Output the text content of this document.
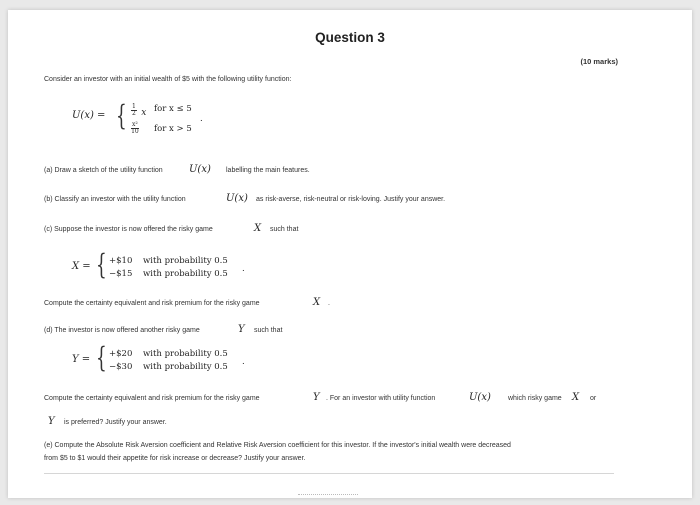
Question 3
(10 marks)
Consider an investor with an initial wealth of $5 with the following utility function:
U(x) = { $\frac{1}{2}$ x for x ≤ 5
$\frac{\text{x²}}{10}$ for x > 5
.
(a) Draw a sketch of the utility function	U(x) labelling the main features.
(b) Classify an investor with the utility function	U(x) as risk-averse, risk-neutral or risk-loving. Justify your answer.
(c) Suppose the investor is now offered the risky game	X such that
X = { +$10 with probability 0.5
−$15 with probability 0.5 .
Compute the certainty equivalent and risk premium for the risky game	X .
(d) The investor is now offered another risky game	Y such that
Y = { +$20 with probability 0.5
−$30 with probability 0.5 .
Compute the certainty equivalent and risk premium for the risky game	Y . For an investor with utility function	U(x) which risky game X or
Y is preferred? Justify your answer.
(e) Compute the Absolute Risk Aversion coefficient and Relative Risk Aversion coefficient for this investor. If the investor's initial wealth were decreased
from $5 to $1 would their appetite for risk increase or decrease? Justify your answer.
